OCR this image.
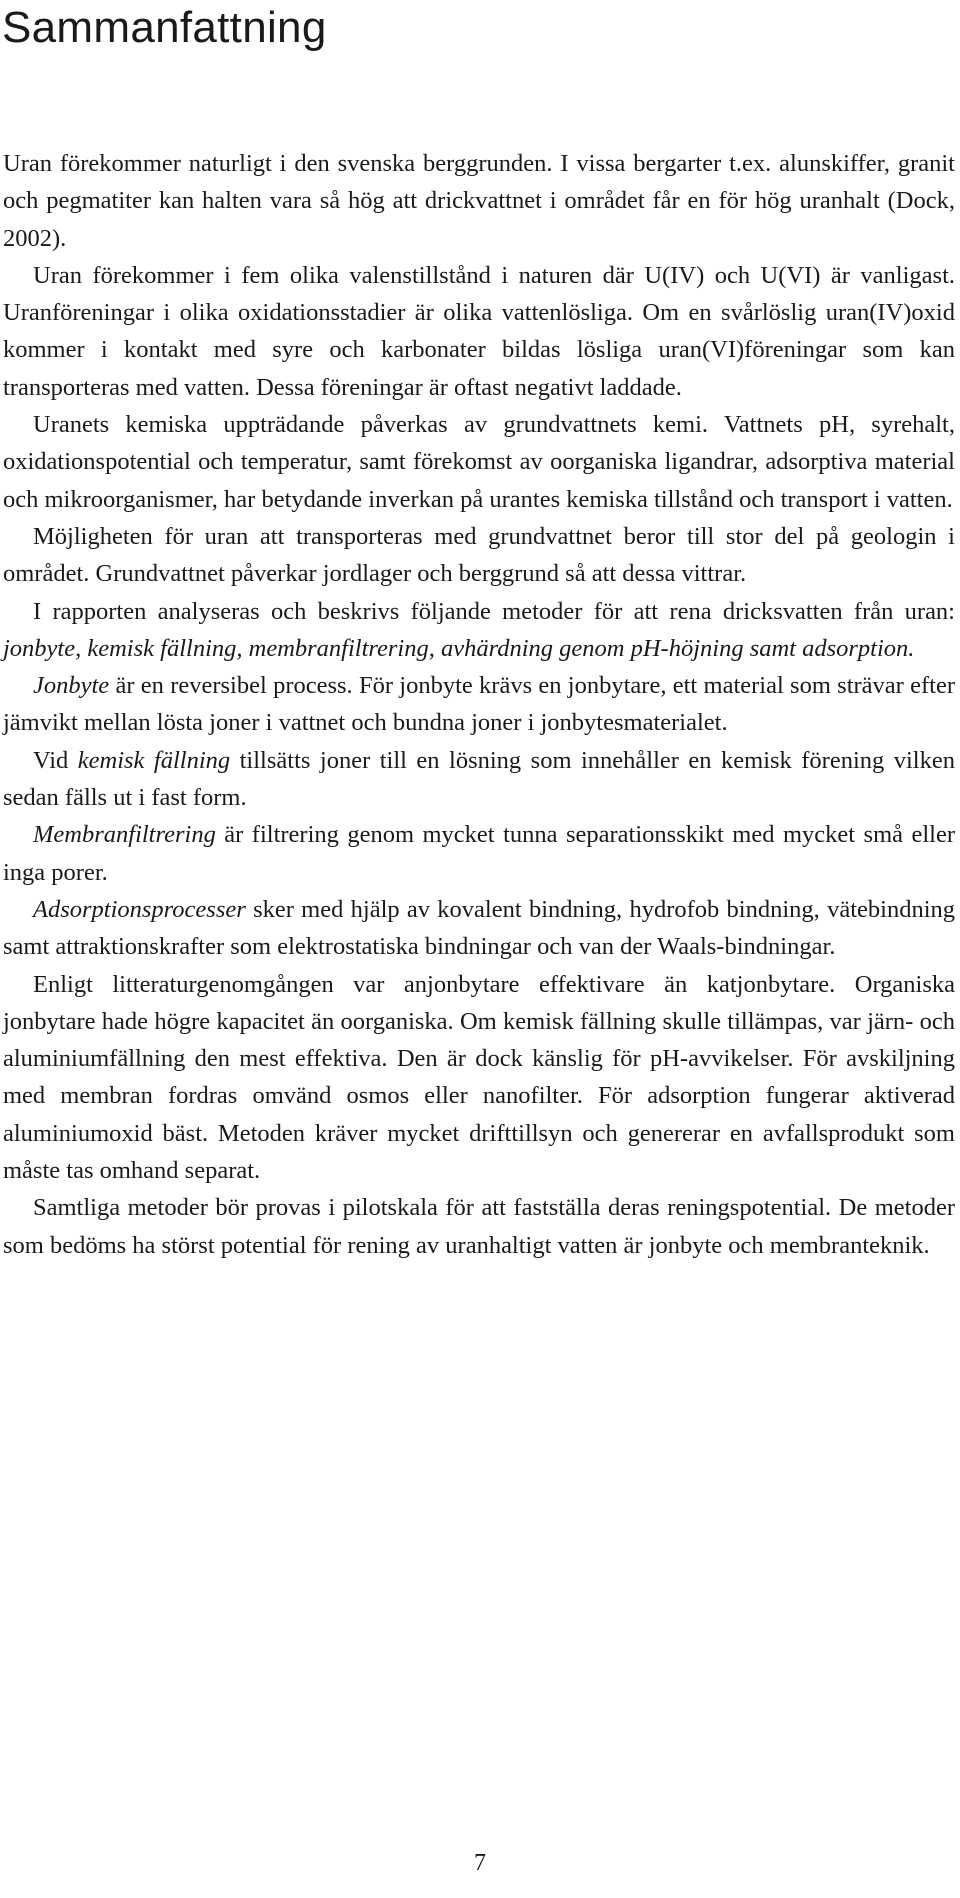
Sammanfattning

Uran förekommer naturligt i den svenska berggrunden. I vissa bergarter t.ex. alunskiffer, granit och pegmatiter kan halten vara så hög att drickvattnet i området får en för hög uranhalt (Dock, 2002).

Uran förekommer i fem olika valenstillstånd i naturen där U(IV) och U(VI) är vanligast. Uranföreningar i olika oxidationsstadier är olika vattenlösliga. Om en svårlöslig uran(IV)oxid kommer i kontakt med syre och karbonater bildas lösliga uran(VI)föreningar som kan transporteras med vatten. Dessa föreningar är oftast negativt laddade.

Uranets kemiska uppträdande påverkas av grundvattnets kemi. Vattnets pH, syrehalt, oxidationspotential och temperatur, samt förekomst av oorganiska ligandrar, adsorptiva material och mikroorganismer, har betydande inverkan på urantes kemiska tillstånd och transport i vatten.

Möjligheten för uran att transporteras med grundvattnet beror till stor del på geologin i området. Grundvattnet påverkar jordlager och berggrund så att dessa vittrar.

I rapporten analyseras och beskrivs följande metoder för att rena dricksvatten från uran: jonbyte, kemisk fällning, membranfiltrering, avhärdning genom pH-höjning samt adsorption.

Jonbyte är en reversibel process. För jonbyte krävs en jonbytare, ett material som strävar efter jämvikt mellan lösta joner i vattnet och bundna joner i jonbytesmaterialet.

Vid kemisk fällning tillsätts joner till en lösning som innehåller en kemisk förening vilken sedan fälls ut i fast form.

Membranfiltrering är filtrering genom mycket tunna separationsskikt med mycket små eller inga porer.

Adsorptionsprocesser sker med hjälp av kovalent bindning, hydrofob bindning, vätebindning samt attraktionskrafter som elektrostatiska bindningar och van der Waals-bindningar.

Enligt litteraturgenomgången var anjonbytare effektivare än katjonbytare. Organiska jonbytare hade högre kapacitet än oorganiska. Om kemisk fällning skulle tillämpas, var järn- och aluminiumfällning den mest effektiva. Den är dock känslig för pH-avvikelser. För avskiljning med membran fordras omvänd osmos eller nanofilter. För adsorption fungerar aktiverad aluminiumoxid bäst. Metoden kräver mycket drifttillsyn och genererar en avfallsprodukt som måste tas omhand separat.

Samtliga metoder bör provas i pilotskala för att fastställa deras reningspotential. De metoder som bedöms ha störst potential för rening av uranhaltigt vatten är jonbyte och membranteknik.

7
